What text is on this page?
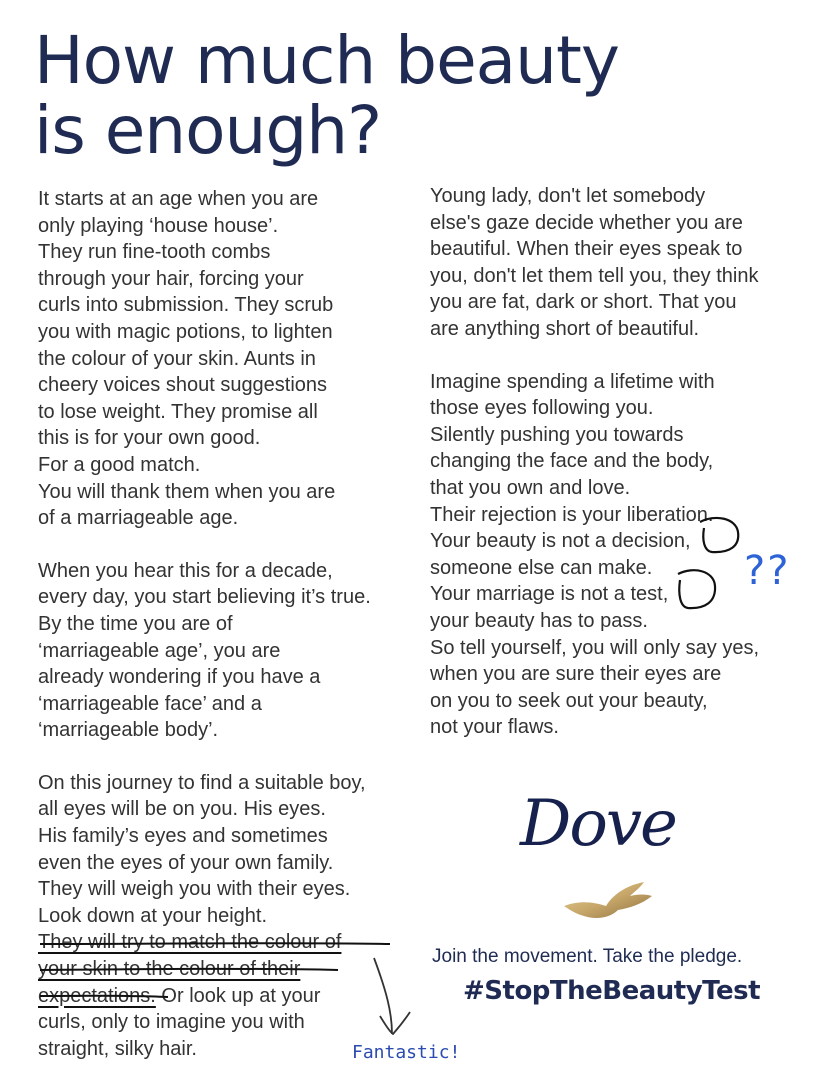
How much beauty
is enough?
It starts at an age when you are
only playing ‘house house’.
They run fine-tooth combs
through your hair, forcing your
curls into submission. They scrub
you with magic potions, to lighten
the colour of your skin. Aunts in
cheery voices shout suggestions
to lose weight. They promise all
this is for your own good.
For a good match.
You will thank them when you are
of a marriageable age.
When you hear this for a decade,
every day, you start believing it’s true.
By the time you are of
‘marriageable age’, you are
already wondering if you have a
‘marriageable face’ and a
‘marriageable body’.
On this journey to find a suitable boy,
all eyes will be on you. His eyes.
His family’s eyes and sometimes
even the eyes of your own family.
They will weigh you with their eyes.
Look down at your height.
They will try to match the colour of
your skin to the colour of their
expectations. Or look up at your
curls, only to imagine you with
straight, silky hair.
Young lady, don't let somebody
else's gaze decide whether you are
beautiful. When their eyes speak to
you, don't let them tell you, they think
you are fat, dark or short. That you
are anything short of beautiful.
Imagine spending a lifetime with
those eyes following you.
Silently pushing you towards
changing the face and the body,
that you own and love.
Their rejection is your liberation.
Your beauty is not a decision,
someone else can make.
Your marriage is not a test,
your beauty has to pass.
So tell yourself, you will only say yes,
when you are sure their eyes are
on you to seek out your beauty,
not your flaws.
Dove
Join the movement. Take the pledge.
#StopTheBeautyTest
??
Fantastic!
